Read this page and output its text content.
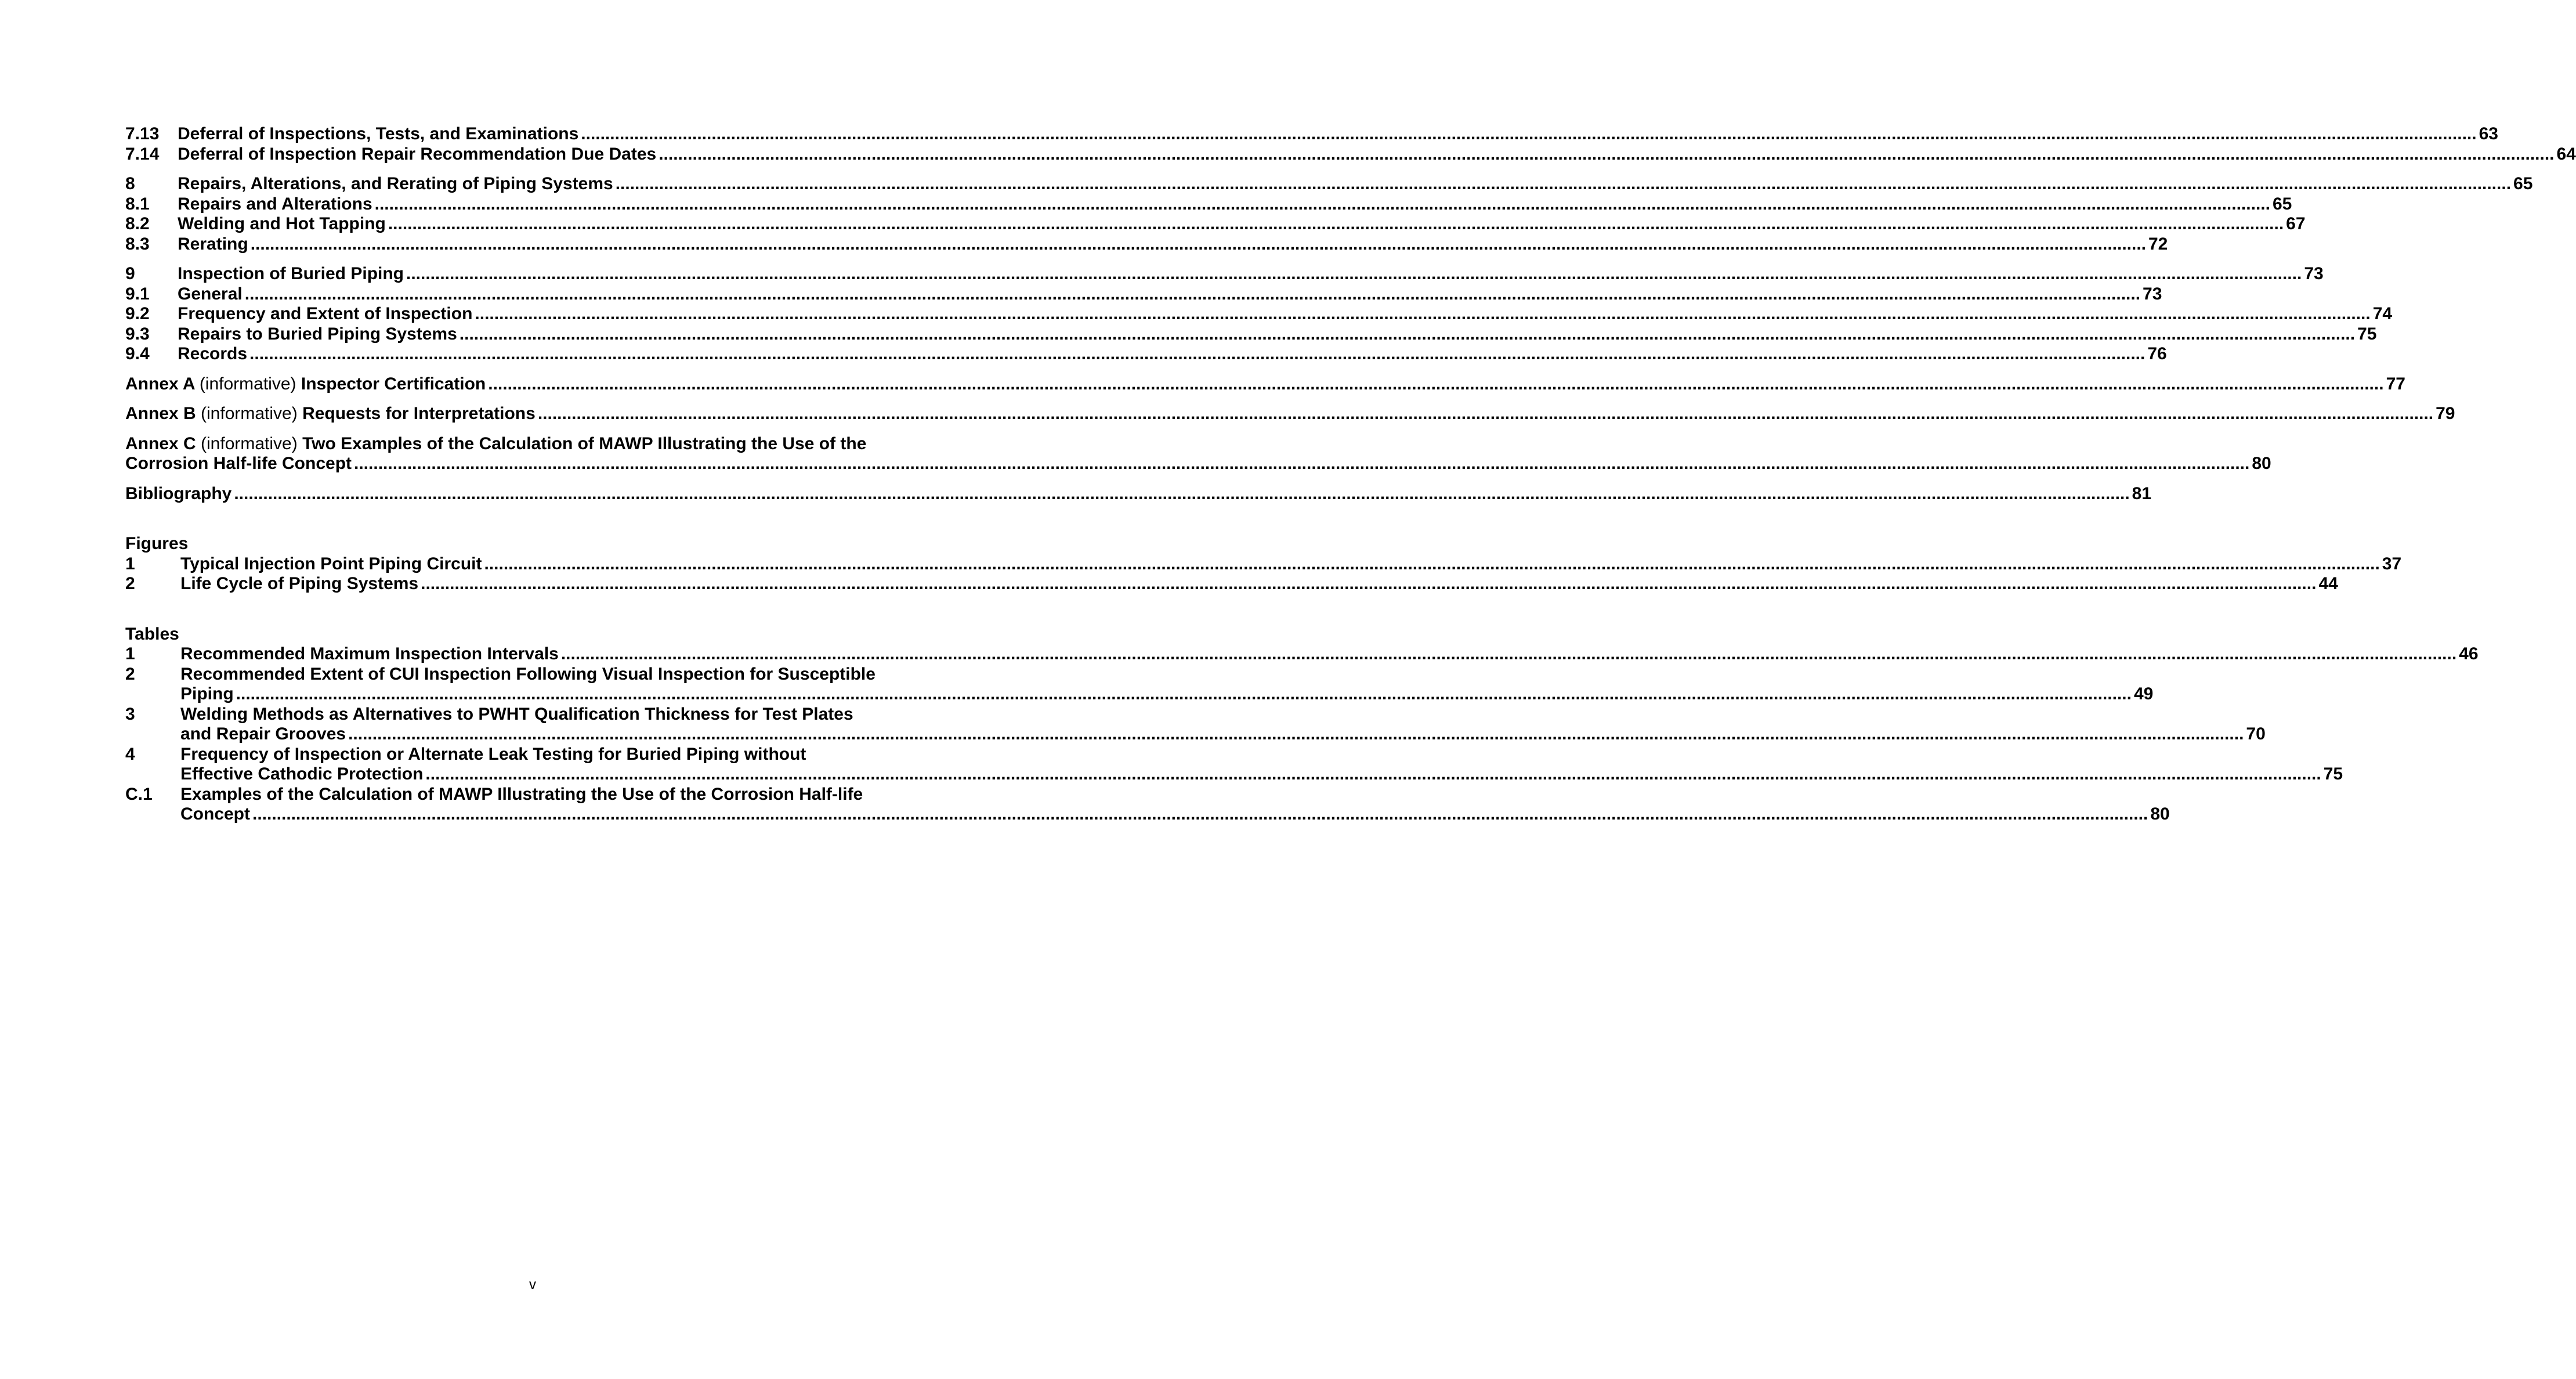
7.13	Deferral of Inspections, Tests, and Examinations .....	63
7.14	Deferral of Inspection Repair Recommendation Due Dates .....	64
8	Repairs, Alterations, and Rerating of Piping Systems .....	65
8.1	Repairs and Alterations .....	65
8.2	Welding and Hot Tapping .....	67
8.3	Rerating .....	72
9	Inspection of Buried Piping .....	73
9.1	General .....	73
9.2	Frequency and Extent of Inspection .....	74
9.3	Repairs to Buried Piping Systems .....	75
9.4	Records .....	76
Annex A (informative) Inspector Certification .....	77
Annex B (informative) Requests for Interpretations .....	79
Annex C
(informative)
Two Examples of the Calculation of MAWP Illustrating the Use of the
Corrosion Half-life Concept .....	80
Bibliography .....	81
Figures
1	Typical Injection Point Piping Circuit .....	37
2	Life Cycle of Piping Systems .....	44
Tables
1	Recommended Maximum Inspection Intervals .....	46
2	Recommended Extent of CUI Inspection Following Visual Inspection for Susceptible
Piping .....	49
3	Welding Methods as Alternatives to PWHT Qualification Thickness for Test Plates
and Repair Grooves .....	70
4	Frequency of Inspection or Alternate Leak Testing for Buried Piping without
Effective Cathodic Protection .....	75
C.1	Examples of the Calculation of MAWP Illustrating the Use of the Corrosion Half-life
Concept .....	80
v
